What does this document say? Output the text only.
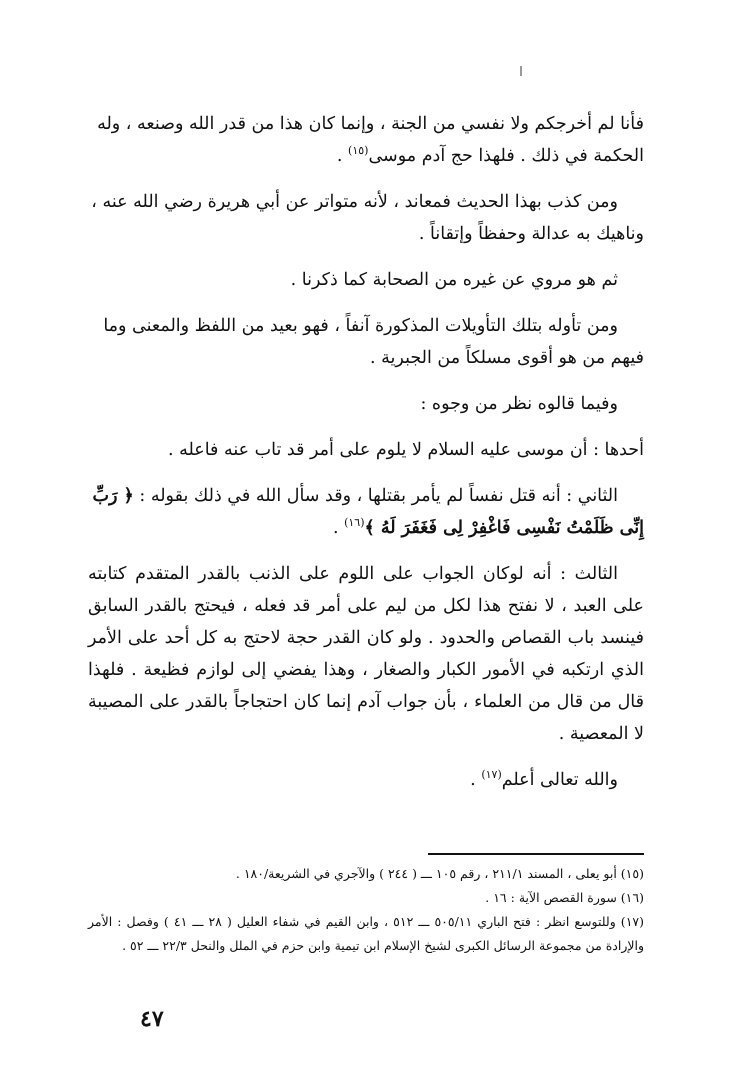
فأنا لم أخرجكم ولا نفسي من الجنة ، وإنما كان هذا من قدر الله وصنعه ، وله
الحكمة في ذلك . فلهذا حج آدم موسى$^{(١٥)}$ .

ومن كذب بهذا الحديث فمعاند ، لأنه متواتر عن أبي هريرة رضي الله عنه ،
وناهيك به عدالة وحفظاً وإتقاناً .

ثم هو مروي عن غيره من الصحابة كما ذكرنا .

ومن تأوله بتلك التأويلات المذكورة آنفاً ، فهو بعيد من اللفظ والمعنى وما
فيهم من هو أقوى مسلكاً من الجبرية .

وفيما قالوه نظر من وجوه :

أحدها : أن موسى عليه السلام لا يلوم على أمر قد تاب عنه فاعله .

الثاني : أنه قتل نفساً لم يأمر بقتلها ، وقد سأل الله في ذلك بقوله : ﴿ رَبِّ
إِنِّى ظَلَمْتُ نَفْسِى فَاغْفِرْ لِى فَغَفَرَ لَهُ ﴾$^{(١٦)}$ .

الثالث : أنه لوكان الجواب على اللوم على الذنب بالقدر المتقدم كتابته على العبد ، لا نفتح هذا لكل من ليم على أمر قد فعله ، فيحتج بالقدر السابق فينسد باب القصاص والحدود . ولو كان القدر حجة لاحتج به كل أحد على الأمر الذي ارتكبه في الأمور الكبار والصغار ، وهذا يفضي إلى لوازم فظيعة . فلهذا قال من قال من العلماء ، بأن جواب آدم إنما كان احتجاجاً بالقدر على المصيبة لا المعصية .

والله تعالى أعلم$^{(١٧)}$ .

(١٥) أبو يعلى ، المسند ٢١١/١ ، رقم ١٠٥ ـــ ( ٢٤٤ ) والآجري في الشريعة/١٨٠ .

(١٦) سورة القصص الآية : ١٦ .

(١٧) وللتوسع انظر : فتح الباري ٥٠٥/١١ ـــ ٥١٢ ، وابن القيم في شفاء العليل ( ٢٨ ـــ ٤١ ) وفصل : الأمر والإرادة من مجموعة الرسائل الكبرى لشيخ الإسلام ابن تيمية وابن حزم في الملل والنحل ٢٢/٣ ـــ ٥٢ .

٤٧
